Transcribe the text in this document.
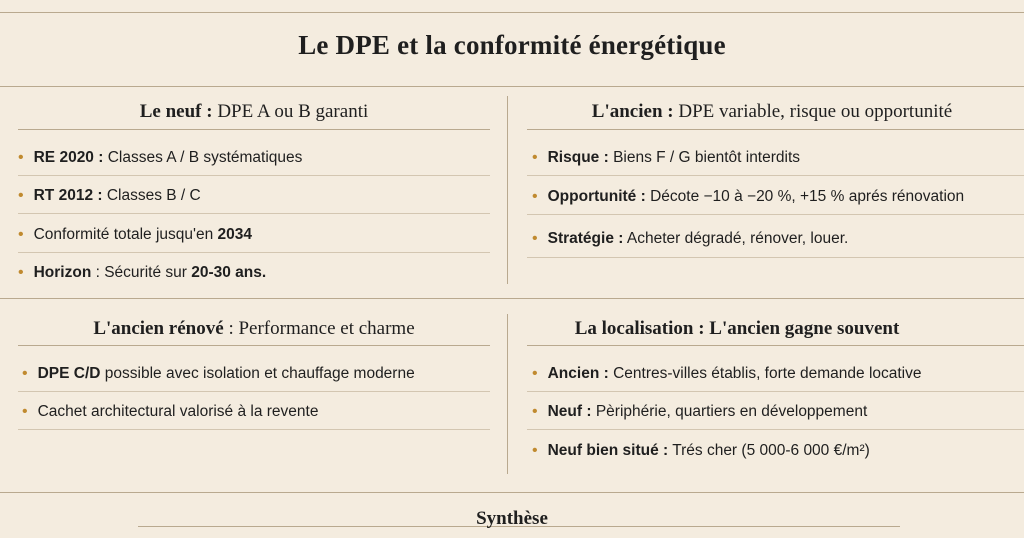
Le DPE et la conformité énergétique
Le neuf : DPE A ou B garanti
• RE 2020 : Classes A / B systématiques
• RT 2012 : Classes B / C
• Conformité totale jusqu'en 2034
• Horizon : Sécurité sur 20-30 ans.
L'ancien : DPE variable, risque ou opportunité
• Risque : Biens F / G bientôt interdits
• Opportunité : Décote −10 à −20 %, +15 % aprés rénovation
• Stratégie : Acheter dégradé, rénover, louer.
L'ancien rénové : Performance et charme
• DPE C/D possible avec isolation et chauffage moderne
• Cachet architectural valorisé à la revente
La localisation : L'ancien gagne souvent
• Ancien : Centres-villes établis, forte demande locative
• Neuf : Pèriphérie, quartiers en développement
• Neuf bien situé : Trés cher (5 000-6 000 €/m²)
Synthèse
